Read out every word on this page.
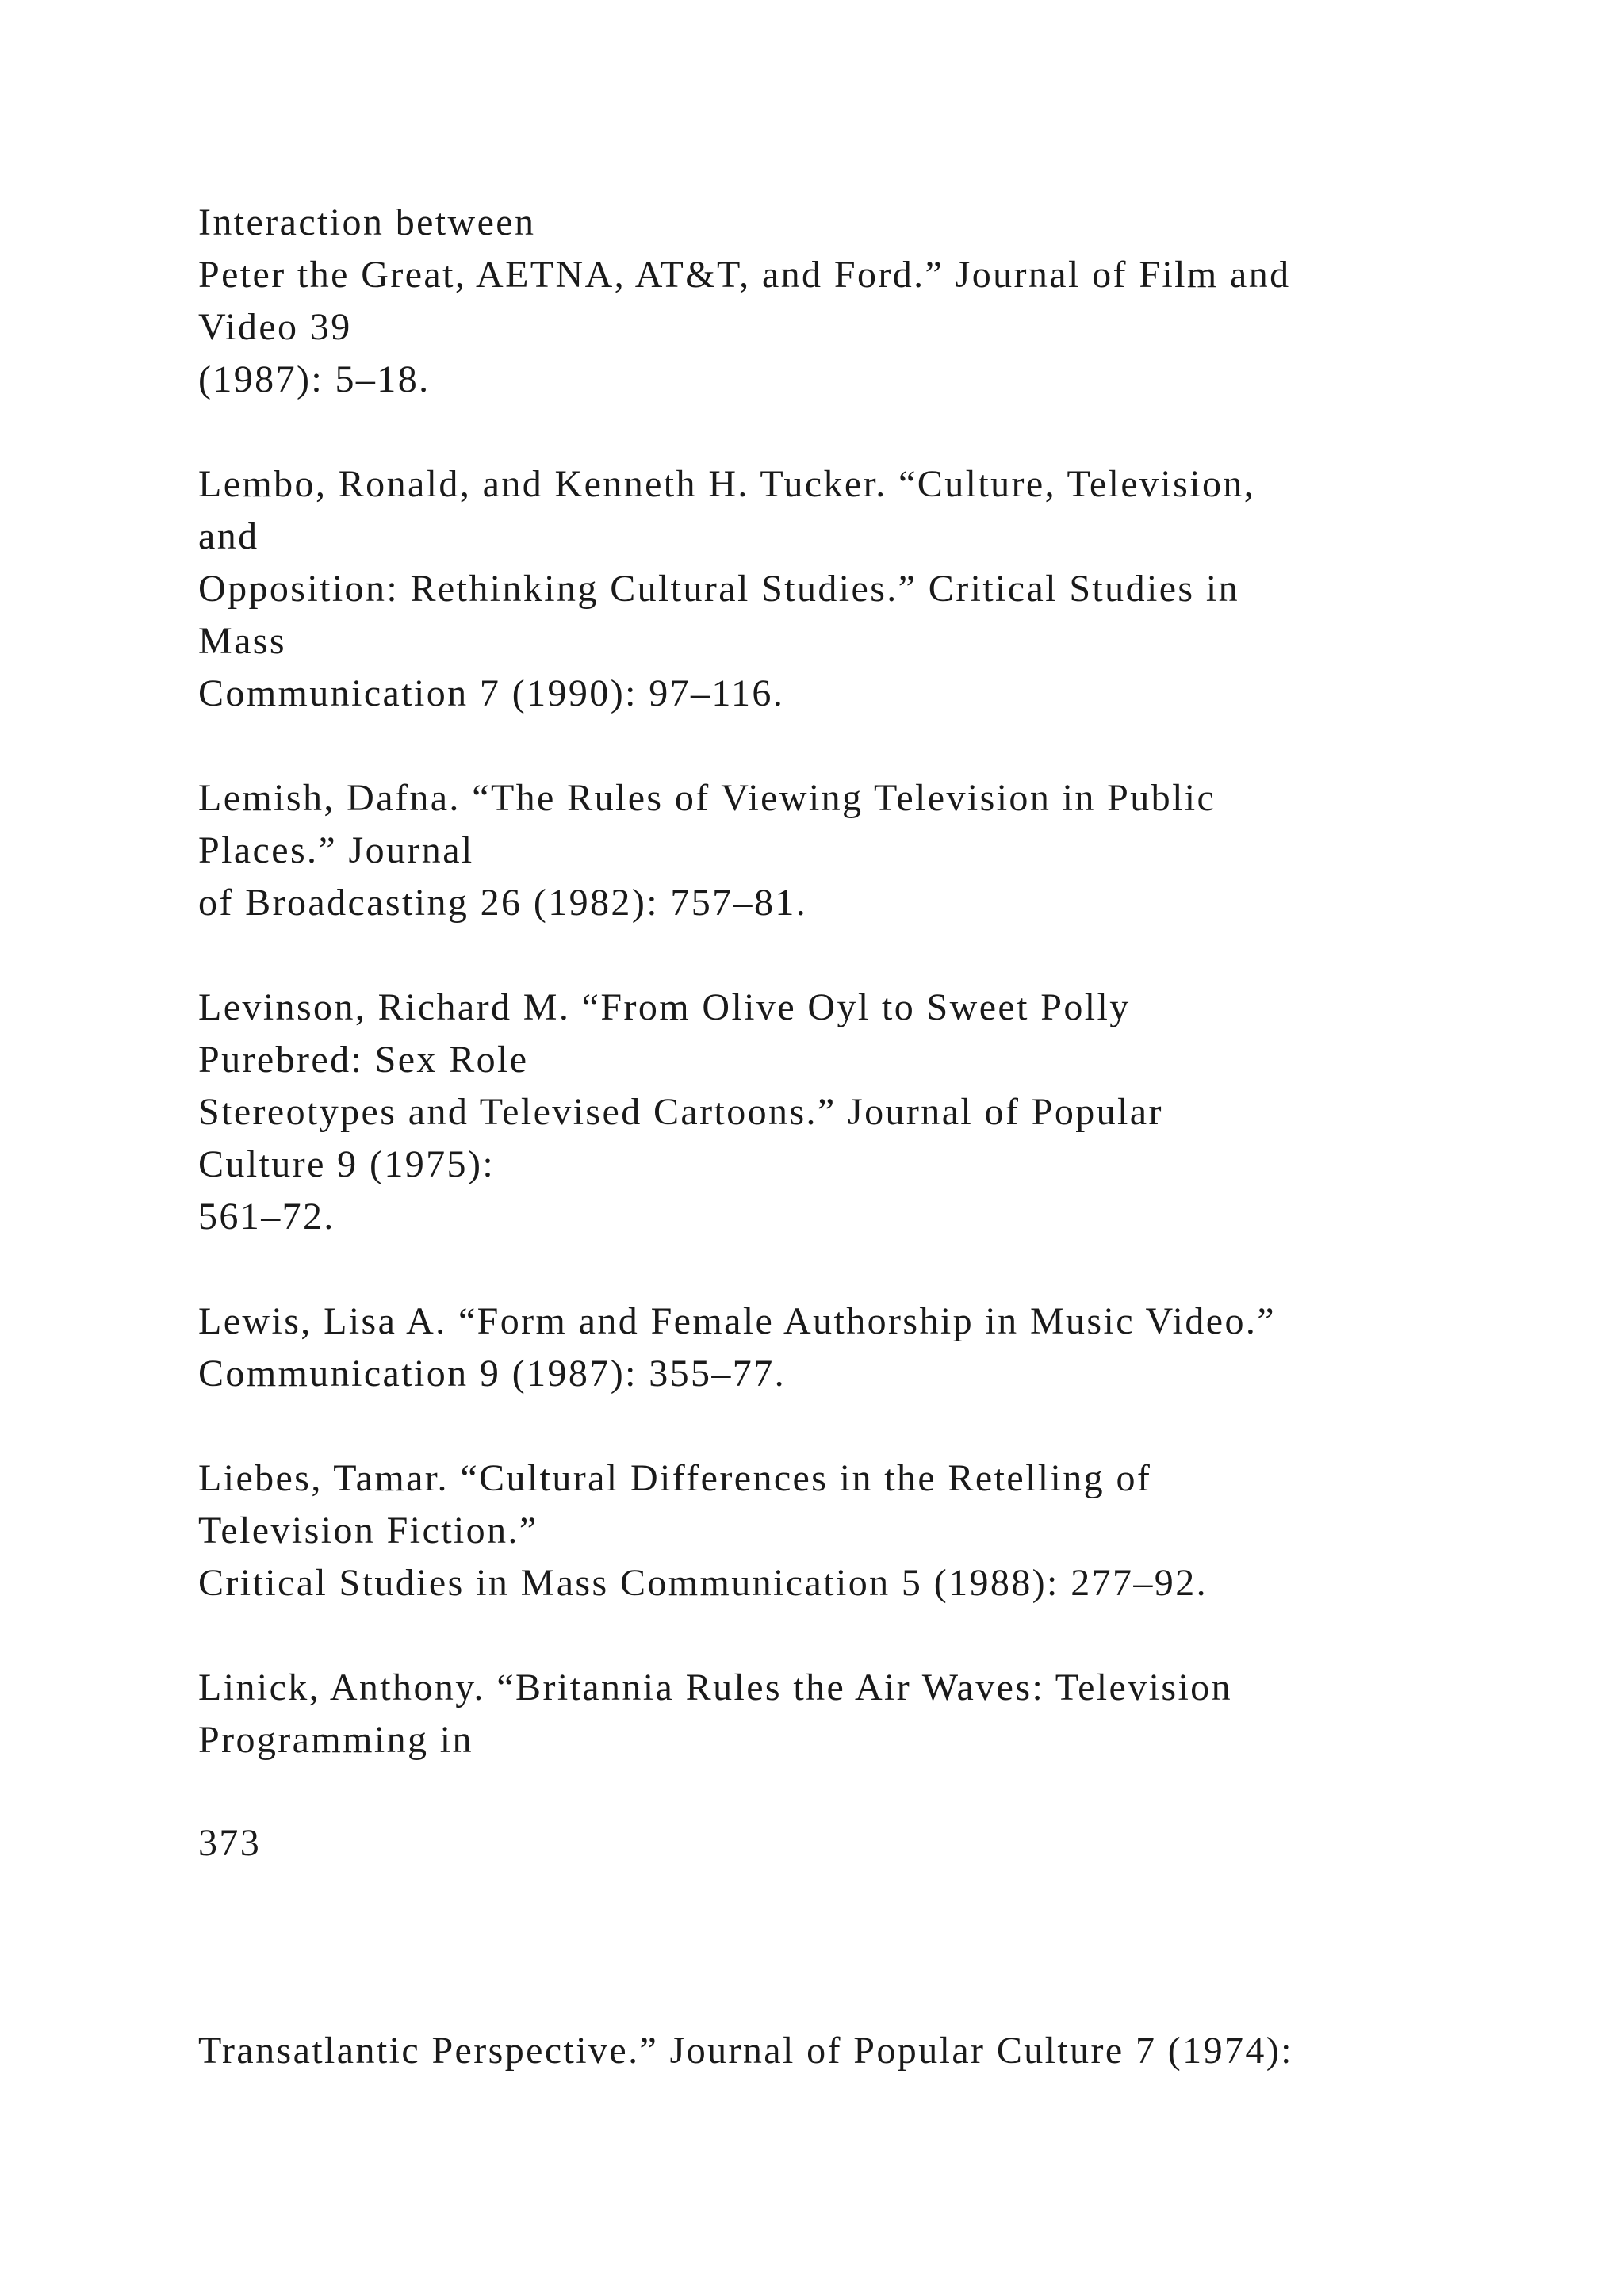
Interaction between
Peter the Great, AETNA, AT&T, and Ford.” Journal of Film and
Video 39
(1987): 5–18.
Lembo, Ronald, and Kenneth H. Tucker. “Culture, Television,
and
Opposition: Rethinking Cultural Studies.” Critical Studies in
Mass
Communication 7 (1990): 97–116.
Lemish, Dafna. “The Rules of Viewing Television in Public
Places.” Journal
of Broadcasting 26 (1982): 757–81.
Levinson, Richard M. “From Olive Oyl to Sweet Polly
Purebred: Sex Role
Stereotypes and Televised Cartoons.” Journal of Popular
Culture 9 (1975):
561–72.
Lewis, Lisa A. “Form and Female Authorship in Music Video.”
Communication 9 (1987): 355–77.
Liebes, Tamar. “Cultural Differences in the Retelling of
Television Fiction.”
Critical Studies in Mass Communication 5 (1988): 277–92.
Linick, Anthony. “Britannia Rules the Air Waves: Television
Programming in
373
Transatlantic Perspective.” Journal of Popular Culture 7 (1974):
